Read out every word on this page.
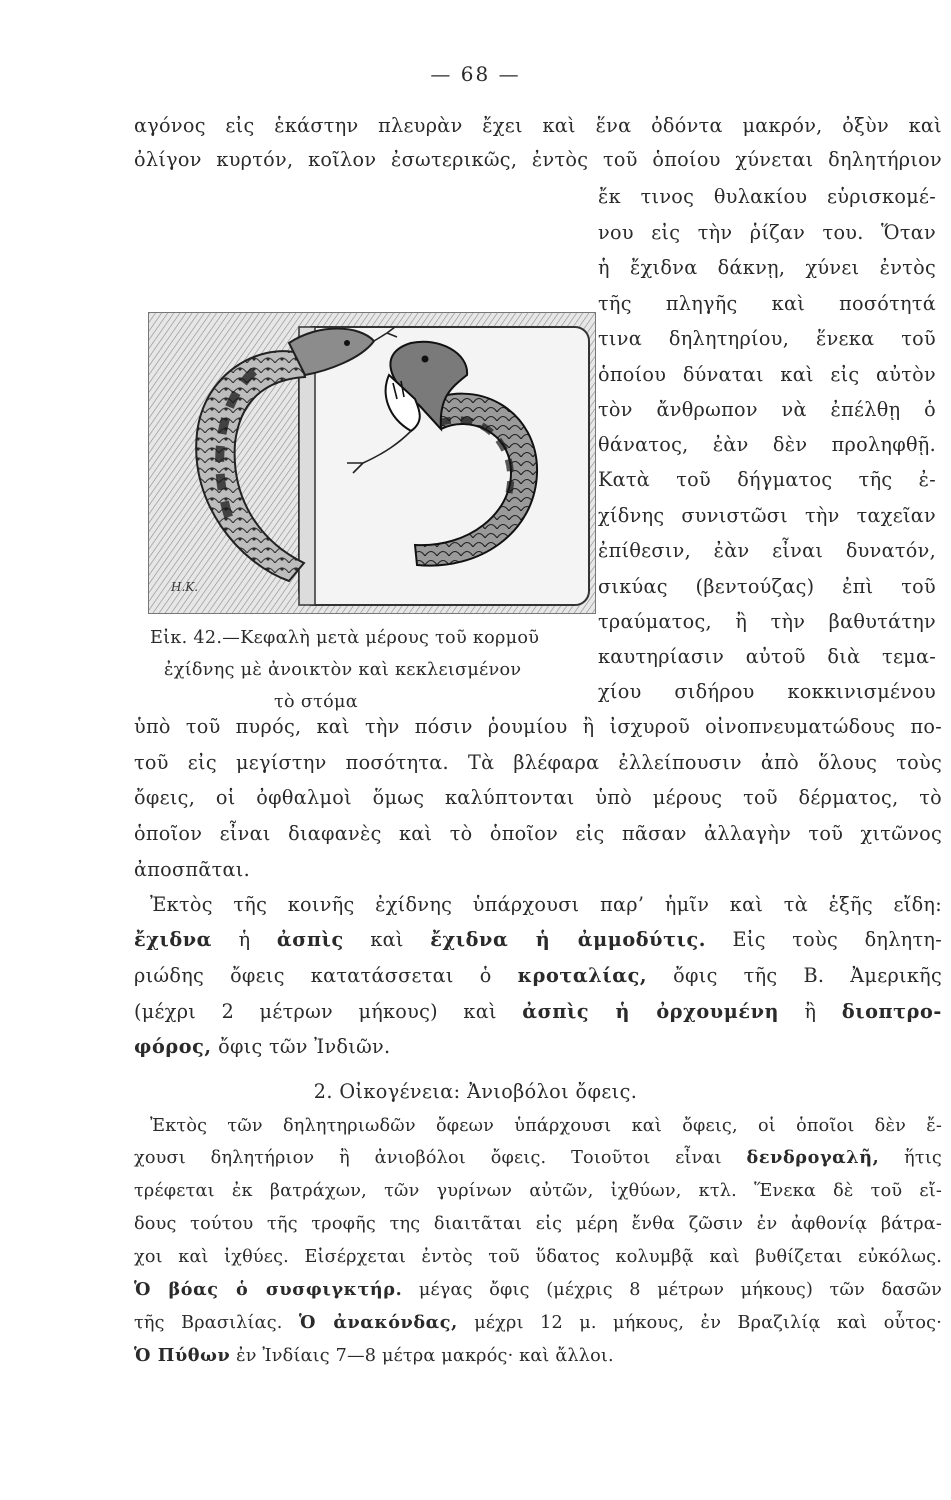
— 68 —
αγόνος εἰς ἑκάστην πλευρὰν ἔχει καὶ ἕνα ὀδόντα μακρόν, ὀξὺν καὶ
ὀλίγον κυρτόν, κοῖλον ἐσωτερικῶς, ἐντὸς τοῦ ὁποίου χύνεται δηλητήριον
ἔκ τινος θυλακίου εὑρισκομέ-
νου εἰς τὴν ῥίζαν του. Ὅταν
ἡ ἔχιδνα δάκνῃ, χύνει ἐντὸς
τῆς πληγῆς καὶ ποσότητά
τινα δηλητηρίου, ἕνεκα τοῦ
ὁποίου δύναται καὶ εἰς αὐτὸν
τὸν ἄνθρωπον νὰ ἐπέλθῃ ὁ
θάνατος, ἐὰν δὲν προληφθῇ.
Κατὰ τοῦ δήγματος τῆς ἐ-
χίδνης συνιστῶσι τὴν ταχεῖαν
ἐπίθεσιν, ἐὰν εἶναι δυνατόν,
σικύας (βεντούζας) ἐπὶ τοῦ
τραύματος, ἢ τὴν βαθυτάτην
καυτηρίασιν αὐτοῦ διὰ τεμα-
χίου σιδήρου κοκκινισμένου
H.K.
Εἰκ. 42.—Κεφαλὴ μετὰ μέρους τοῦ κορμοῦ
ἐχίδνης μὲ ἀνοικτὸν καὶ κεκλεισμένον
τὸ στόμα
ὑπὸ τοῦ πυρός, καὶ τὴν πόσιν ῥουμίου ἢ ἰσχυροῦ οἰνοπνευματώδους πο-
τοῦ εἰς μεγίστην ποσότητα. Τὰ βλέφαρα ἐλλείπουσιν ἀπὸ ὅλους τοὺς
ὄφεις, οἱ ὀφθαλμοὶ ὅμως καλύπτονται ὑπὸ μέρους τοῦ δέρματος, τὸ
ὁποῖον εἶναι διαφανὲς καὶ τὸ ὁποῖον εἰς πᾶσαν ἀλλαγὴν τοῦ χιτῶνος
ἀποσπᾶται.
Ἐκτὸς τῆς κοινῆς ἐχίδνης ὑπάρχουσι παρ’ ἡμῖν καὶ τὰ ἑξῆς εἴδη:
ἔχιδνα ἡ ἀσπὶς καὶ ἔχιδνα ἡ ἀμμοδύτις. Εἰς τοὺς δηλητη-
ριώδης ὄφεις κατατάσσεται ὁ κροταλίας, ὄφις τῆς Β. Ἀμερικῆς
(μέχρι 2 μέτρων μήκους) καὶ ἀσπὶς ἡ ὀρχουμένη ἢ διοπτρο-
φόρος, ὄφις τῶν Ἰνδιῶν.
2. Οἰκογένεια: Ἀνιοβόλοι ὄφεις.
Ἐκτὸς τῶν δηλητηριωδῶν ὄφεων ὑπάρχουσι καὶ ὄφεις, οἱ ὁποῖοι δὲν ἔ-
χουσι δηλητήριον ἢ ἀνιοβόλοι ὄφεις. Τοιοῦτοι εἶναι δενδρογαλῆ, ἥτις
τρέφεται ἐκ βατράχων, τῶν γυρίνων αὐτῶν, ἰχθύων, κτλ. Ἕνεκα δὲ τοῦ εἴ-
δους τούτου τῆς τροφῆς της διαιτᾶται εἰς μέρη ἔνθα ζῶσιν ἐν ἀφθονίᾳ βάτρα-
χοι καὶ ἰχθύες. Εἰσέρχεται ἐντὸς τοῦ ὕδατος κολυμβᾷ καὶ βυθίζεται εὐκόλως.
Ὁ βόας ὁ συσφιγκτήρ. μέγας ὄφις (μέχρις 8 μέτρων μήκους) τῶν δασῶν
τῆς Βρασιλίας. Ὁ ἀνακόνδας, μέχρι 12 μ. μήκους, ἐν Βραζιλίᾳ καὶ οὗτος·
Ὁ Πύθων ἐν Ἰνδίαις 7—8 μέτρα μακρός· καὶ ἄλλοι.
